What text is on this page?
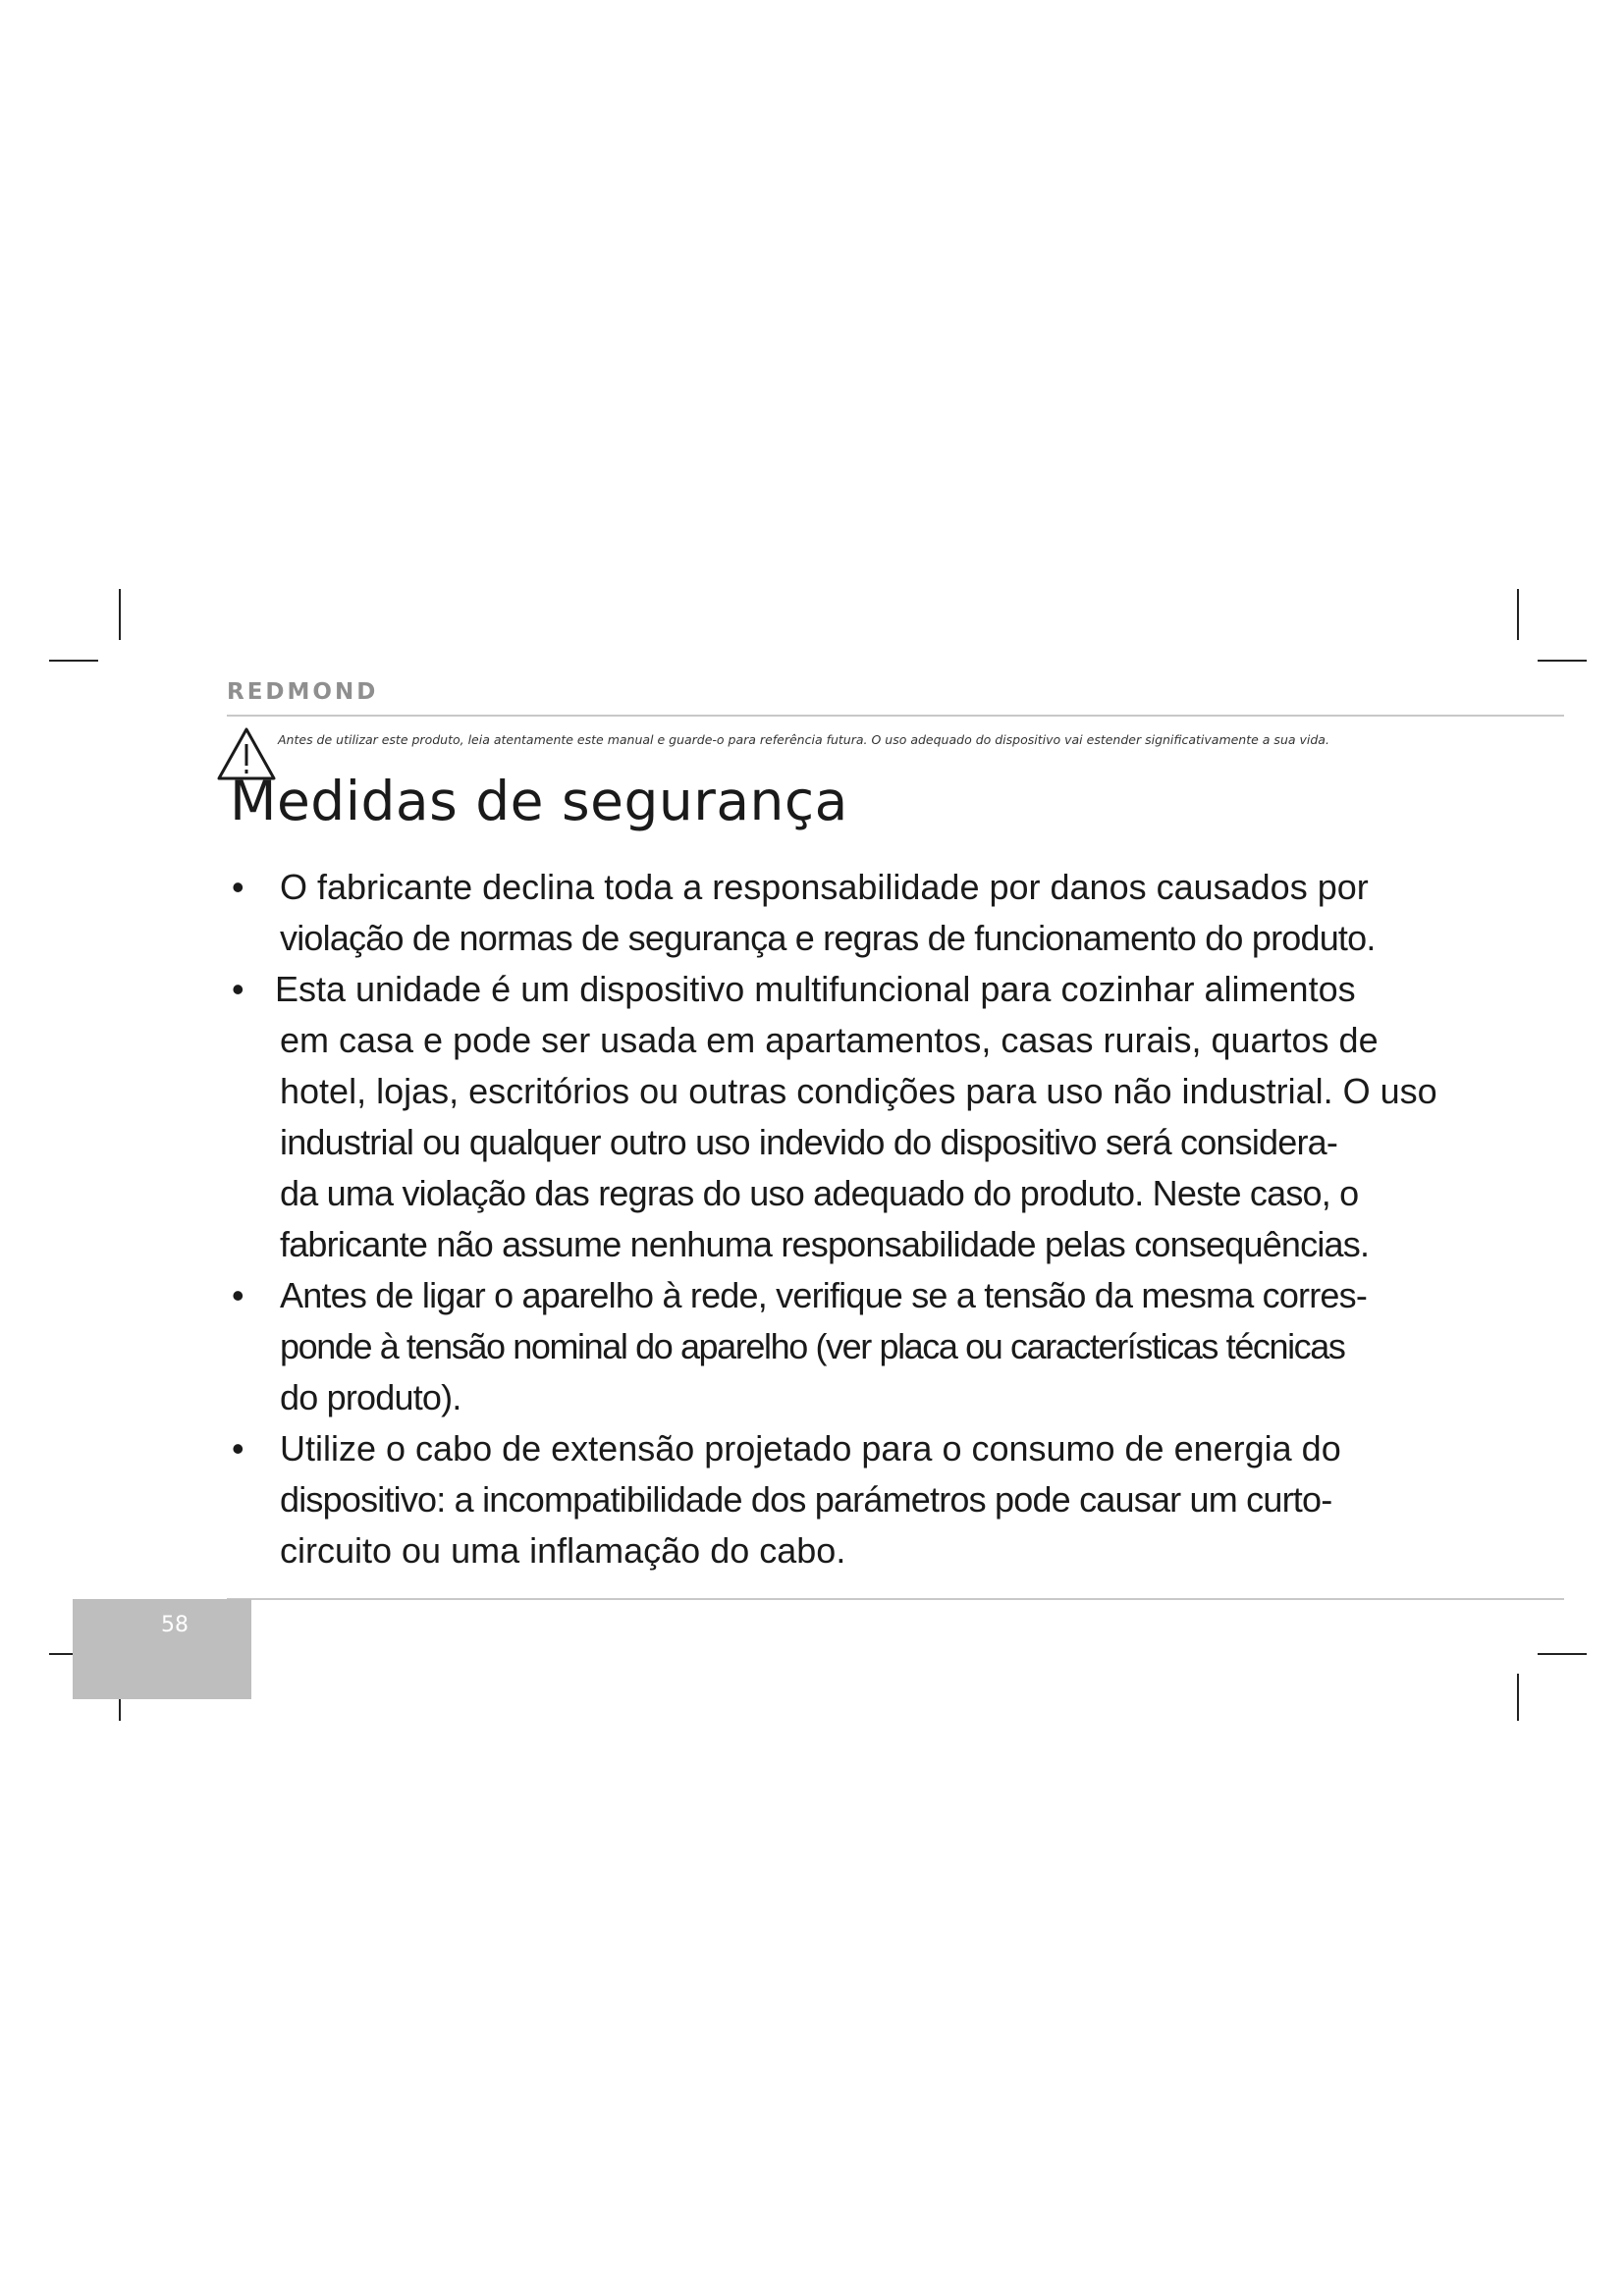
REDMOND
Antes de utilizar este produto, leia atentamente este manual e guarde-o para referência futura. O uso adequado do dispositivo vai estender significativamente a sua vida.
Medidas de segurança
• O fabricante declina toda a responsabilidade por danos causados por
violação de normas de segurança e regras de funcionamento do produto.
• Esta unidade é um dispositivo multifuncional para cozinhar alimentos
em casa e pode ser usada em apartamentos, casas rurais, quartos de
hotel, lojas, escritórios ou outras condições para uso não industrial. O uso
industrial ou qualquer outro uso indevido do dispositivo será considera-
da uma violação das regras do uso adequado do produto. Neste caso, o
fabricante não assume nenhuma responsabilidade pelas consequências.
• Antes de ligar o aparelho à rede, verifique se a tensão da mesma corres-
ponde à tensão nominal do aparelho (ver placa ou características técnicas
do produto).
• Utilize o cabo de extensão projetado para o consumo de energia do
dispositivo: a incompatibilidade dos parámetros pode causar um curto-
circuito ou uma inflamação do cabo.
58
